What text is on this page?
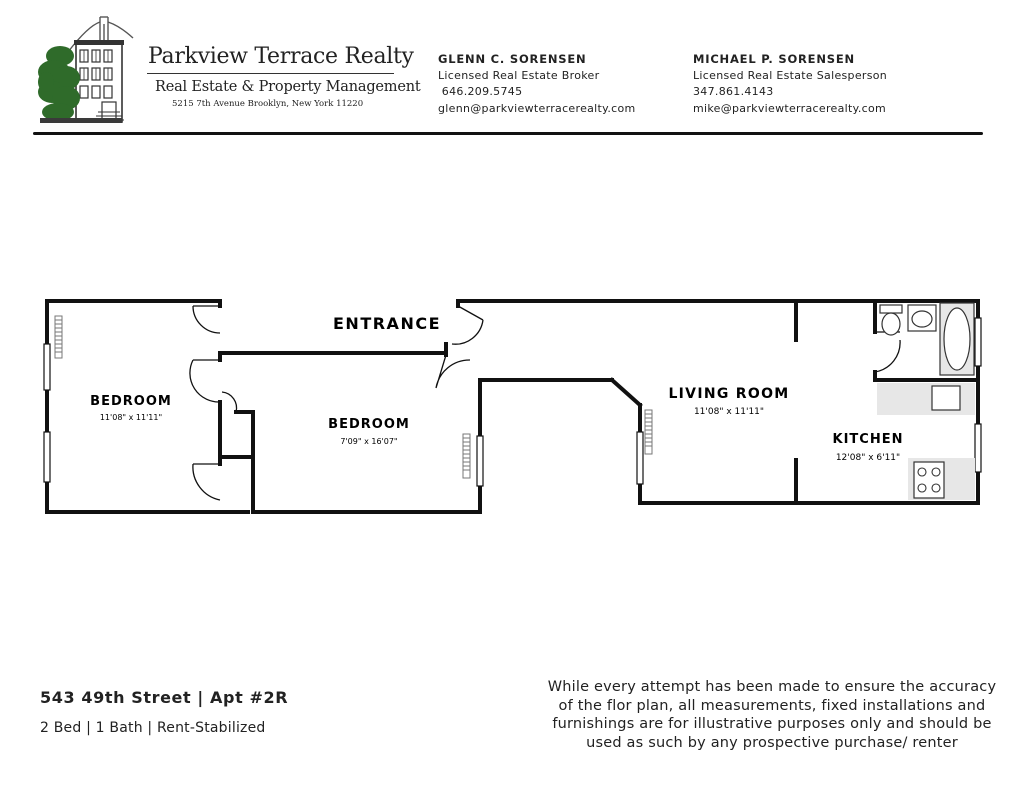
Parkview Terrace Realty
Real Estate & Property Management
5215 7th Avenue Brooklyn, New York 11220
GLENN C. SORENSEN
Licensed Real Estate Broker
646.209.5745
glenn@parkviewterracerealty.com
MICHAEL P. SORENSEN
Licensed Real Estate Salesperson
347.861.4143
mike@parkviewterracerealty.com
ENTRANCE
BEDROOM
11'08" x 11'11"	BEDROOM
7'09" x 16'07"
LIVING ROOM
11'08" x 11'11"
KITCHEN
12'08" x 6'11"
543 49th Street | Apt #2R
2 Bed | 1 Bath | Rent-Stabilized
While every attempt has been made to ensure the accuracy of the flor plan, all measurements, fixed installations and furnishings are for illustrative purposes only and should be used as such by any prospective purchase/ renter
